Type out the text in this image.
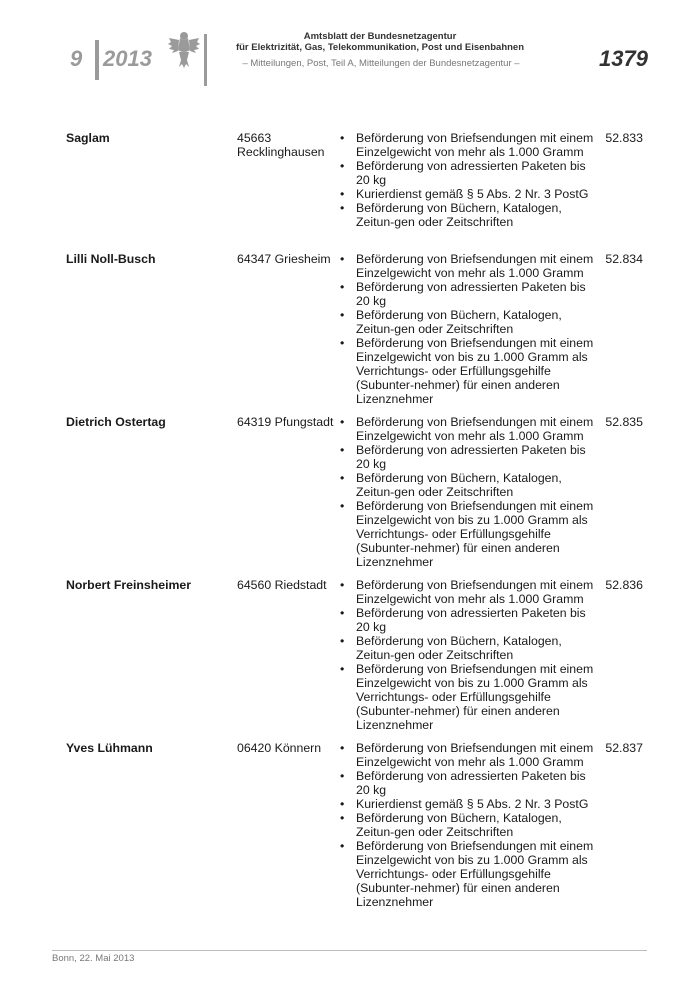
9 2013
Amtsblatt der Bundesnetzagentur
für Elektrizität, Gas, Telekommunikation, Post und Eisenbahnen
– Mitteilungen, Post, Teil A, Mitteilungen der Bundesnetzagentur –	1379
Saglam	45663
Recklinghausen
• Beförderung von Briefsendungen mit einem Einzelgewicht von mehr als 1.000 Gramm
• Beförderung von adressierten Paketen bis 20 kg
• Kurierdienst gemäß § 5 Abs. 2 Nr. 3 PostG
• Beförderung von Büchern, Katalogen, Zeitun-gen oder Zeitschriften
52.833
Lilli Noll-Busch	64347 Griesheim	• Beförderung von Briefsendungen mit einem Einzelgewicht von mehr als 1.000 Gramm
• Beförderung von adressierten Paketen bis 20 kg
• Beförderung von Büchern, Katalogen, Zeitun-gen oder Zeitschriften
• Beförderung von Briefsendungen mit einem Einzelgewicht von bis zu 1.000 Gramm als Verrichtungs- oder Erfüllungsgehilfe (Subunter-nehmer) für einen anderen Lizenznehmer
52.834
Dietrich Ostertag	64319 Pfungstadt	• Beförderung von Briefsendungen mit einem Einzelgewicht von mehr als 1.000 Gramm
• Beförderung von adressierten Paketen bis 20 kg
• Beförderung von Büchern, Katalogen, Zeitun-gen oder Zeitschriften
• Beförderung von Briefsendungen mit einem Einzelgewicht von bis zu 1.000 Gramm als Verrichtungs- oder Erfüllungsgehilfe (Subunter-nehmer) für einen anderen Lizenznehmer
52.835
Norbert Freinsheimer	64560 Riedstadt	• Beförderung von Briefsendungen mit einem Einzelgewicht von mehr als 1.000 Gramm
• Beförderung von adressierten Paketen bis 20 kg
• Beförderung von Büchern, Katalogen, Zeitun-gen oder Zeitschriften
• Beförderung von Briefsendungen mit einem Einzelgewicht von bis zu 1.000 Gramm als Verrichtungs- oder Erfüllungsgehilfe (Subunter-nehmer) für einen anderen Lizenznehmer
52.836
Yves Lühmann	06420 Könnern	• Beförderung von Briefsendungen mit einem Einzelgewicht von mehr als 1.000 Gramm
• Beförderung von adressierten Paketen bis 20 kg
• Kurierdienst gemäß § 5 Abs. 2 Nr. 3 PostG
• Beförderung von Büchern, Katalogen, Zeitun-gen oder Zeitschriften
• Beförderung von Briefsendungen mit einem Einzelgewicht von bis zu 1.000 Gramm als Verrichtungs- oder Erfüllungsgehilfe (Subunter-nehmer) für einen anderen Lizenznehmer
52.837
Bonn, 22. Mai 2013
